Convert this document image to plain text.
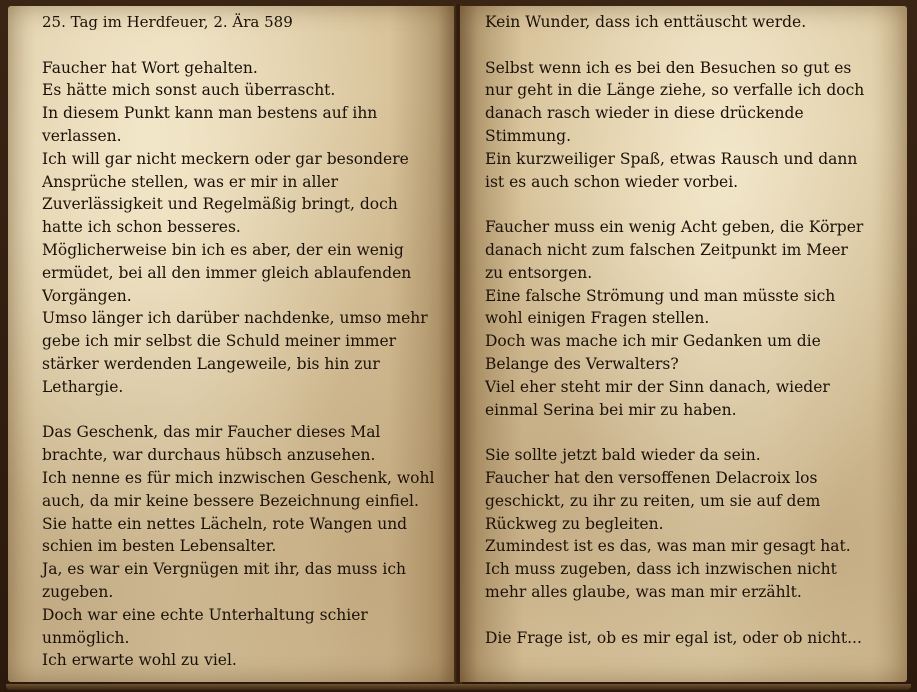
25. Tag im Herdfeuer, 2. Ära 589
Faucher hat Wort gehalten.
Es hätte mich sonst auch überrascht.
In diesem Punkt kann man bestens auf ihn
verlassen.
Ich will gar nicht meckern oder gar besondere
Ansprüche stellen, was er mir in aller
Zuverlässigkeit und Regelmäßig bringt, doch
hatte ich schon besseres.
Möglicherweise bin ich es aber, der ein wenig
ermüdet, bei all den immer gleich ablaufenden
Vorgängen.
Umso länger ich darüber nachdenke, umso mehr
gebe ich mir selbst die Schuld meiner immer
stärker werdenden Langeweile, bis hin zur
Lethargie.
Das Geschenk, das mir Faucher dieses Mal
brachte, war durchaus hübsch anzusehen.
Ich nenne es für mich inzwischen Geschenk, wohl
auch, da mir keine bessere Bezeichnung einfiel.
Sie hatte ein nettes Lächeln, rote Wangen und
schien im besten Lebensalter.
Ja, es war ein Vergnügen mit ihr, das muss ich
zugeben.
Doch war eine echte Unterhaltung schier
unmöglich.
Ich erwarte wohl zu viel.
Kein Wunder, dass ich enttäuscht werde.
Selbst wenn ich es bei den Besuchen so gut es
nur geht in die Länge ziehe, so verfalle ich doch
danach rasch wieder in diese drückende
Stimmung.
Ein kurzweiliger Spaß, etwas Rausch und dann
ist es auch schon wieder vorbei.
Faucher muss ein wenig Acht geben, die Körper
danach nicht zum falschen Zeitpunkt im Meer
zu entsorgen.
Eine falsche Strömung und man müsste sich
wohl einigen Fragen stellen.
Doch was mache ich mir Gedanken um die
Belange des Verwalters?
Viel eher steht mir der Sinn danach, wieder
einmal Serina bei mir zu haben.
Sie sollte jetzt bald wieder da sein.
Faucher hat den versoffenen Delacroix los
geschickt, zu ihr zu reiten, um sie auf dem
Rückweg zu begleiten.
Zumindest ist es das, was man mir gesagt hat.
Ich muss zugeben, dass ich inzwischen nicht
mehr alles glaube, was man mir erzählt.
Die Frage ist, ob es mir egal ist, oder ob nicht...
